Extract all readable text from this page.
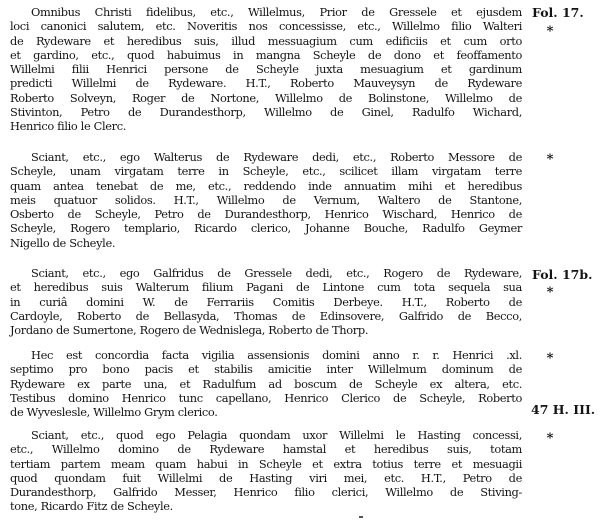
Omnibus Christi fidelibus, etc., Willelmus, Prior de Gressele et ejusdem
loci canonici salutem, etc. Noveritis nos concessisse, etc., Willelmo filio Walteri
de Rydeware et heredibus suis, illud messuagium cum edificiis et cum orto
et gardino, etc., quod habuimus in mangna Scheyle de dono et feoffamento
Willelmi filii Henrici persone de Scheyle juxta mesuagium et gardinum
predicti Willelmi de Rydeware. H.T., Roberto Mauveysyn de Rydeware
Roberto Solveyn, Roger de Nortone, Willelmo de Bolinstone, Willelmo de
Stivinton, Petro de Durandesthorp, Willelmo de Ginel, Radulfo Wichard,
Henrico filio le Clerc.
Fol. 17.
*
Sciant, etc., ego Walterus de Rydeware dedi, etc., Roberto Messore de
Scheyle, unam virgatam terre in Scheyle, etc., scilicet illam virgatam terre
quam antea tenebat de me, etc., reddendo inde annuatim mihi et heredibus
meis quatuor solidos. H.T., Willelmo de Vernum, Waltero de Stantone,
Osberto de Scheyle, Petro de Durandesthorp, Henrico Wischard, Henrico de
Scheyle, Rogero templario, Ricardo clerico, Johanne Bouche, Radulfo Geymer
Nigello de Scheyle.
*
Sciant, etc., ego Galfridus de Gressele dedi, etc., Rogero de Rydeware,
et heredibus suis Walterum filium Pagani de Lintone cum tota sequela sua
in curiâ domini W. de Ferrariis Comitis Derbeye. H.T., Roberto de
Cardoyle, Roberto de Bellasyda, Thomas de Edinsovere, Galfrido de Becco,
Jordano de Sumertone, Rogero de Wednislega, Roberto de Thorp.
Fol. 17b.
*
Hec est concordia facta vigilia assensionis domini anno r. r. Henrici .xl.
septimo pro bono pacis et stabilis amicitie inter Willelmum dominum de
Rydeware ex parte una, et Radulfum ad boscum de Scheyle ex altera, etc.
Testibus domino Henrico tunc capellano, Henrico Clerico de Scheyle, Roberto
de Wyveslesle, Willelmo Grym clerico.
*
47 H. III.
Sciant, etc., quod ego Pelagia quondam uxor Willelmi le Hasting concessi,
etc., Willelmo domino de Rydeware hamstal et heredibus suis, totam
tertiam partem meam quam habui in Scheyle et extra totius terre et mesuagii
quod quondam fuit Willelmi de Hasting viri mei, etc. H.T., Petro de
Durandesthorp, Galfrido Messer, Henrico filio clerici, Willelmo de Stiving-
tone, Ricardo Fitz de Scheyle.
*
